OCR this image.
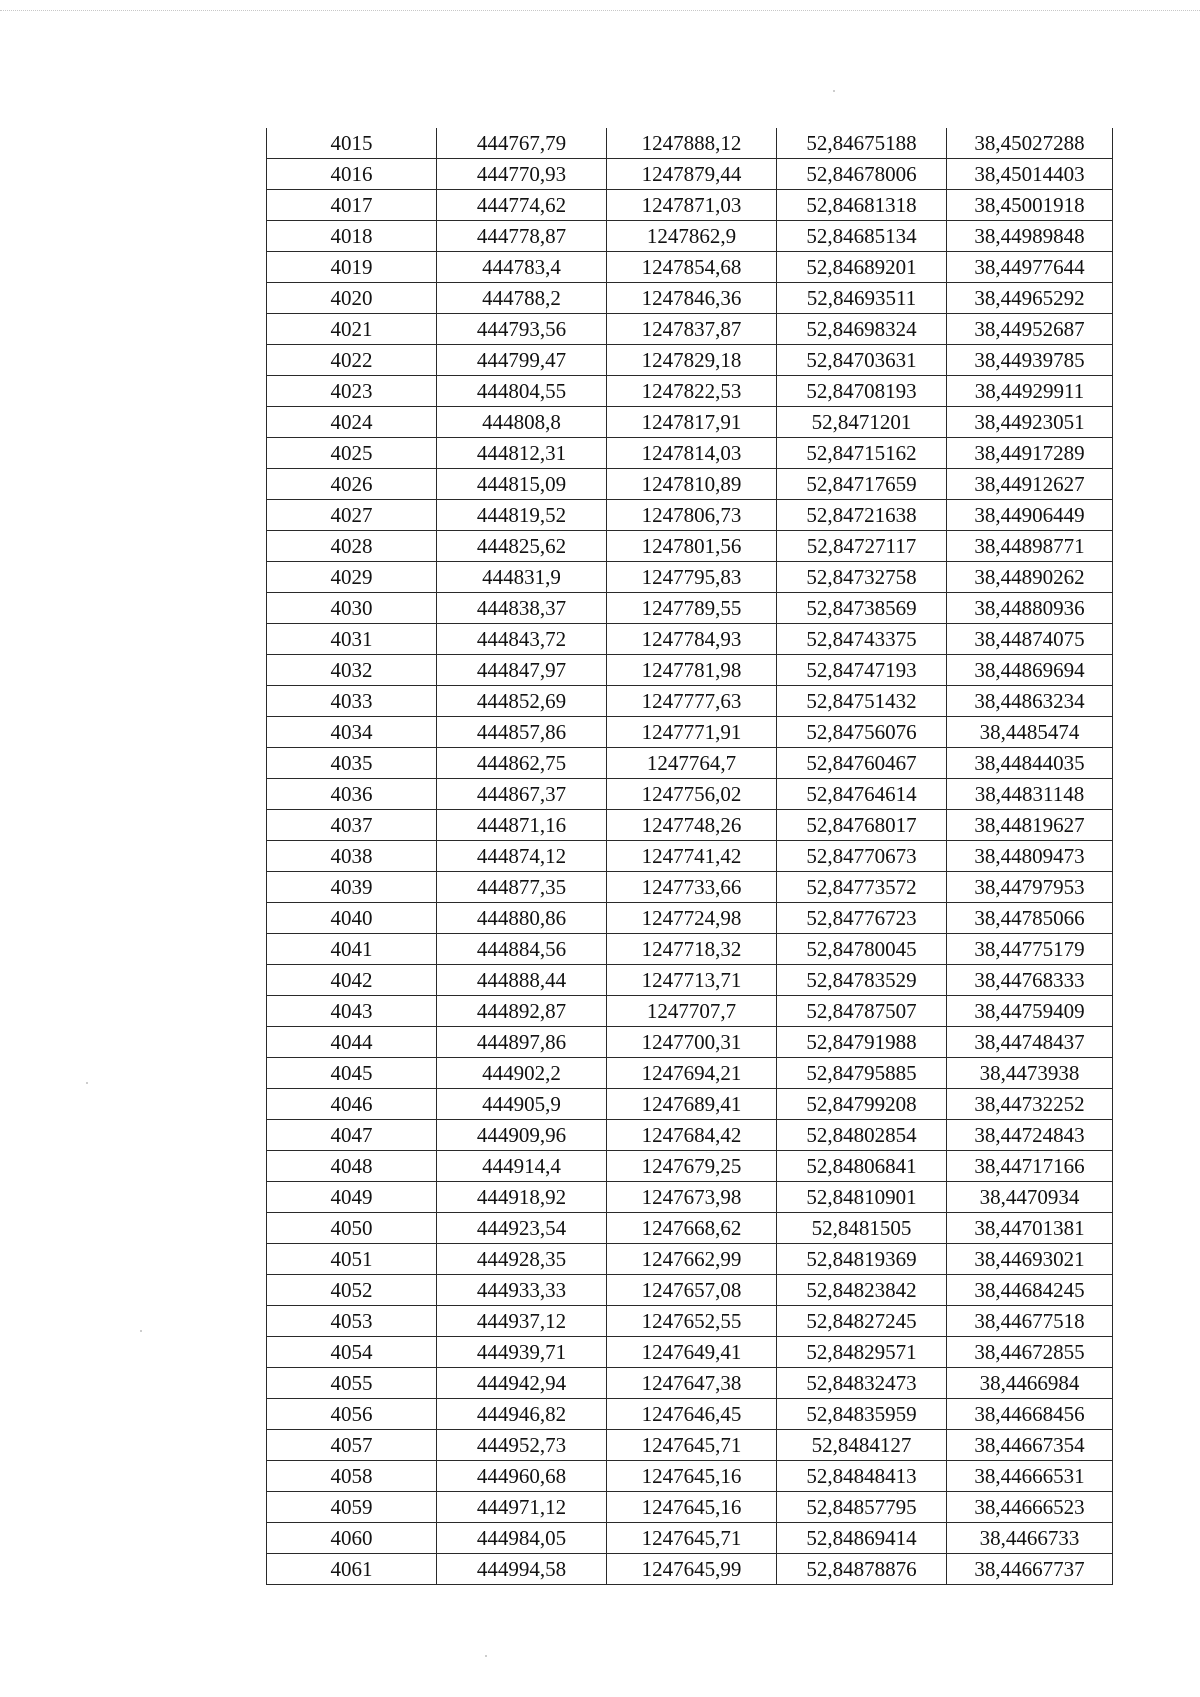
4015	444767,79	1247888,12	52,84675188	38,45027288
4016	444770,93	1247879,44	52,84678006	38,45014403
4017	444774,62	1247871,03	52,84681318	38,45001918
4018	444778,87	1247862,9	52,84685134	38,44989848
4019	444783,4	1247854,68	52,84689201	38,44977644
4020	444788,2	1247846,36	52,84693511	38,44965292
4021	444793,56	1247837,87	52,84698324	38,44952687
4022	444799,47	1247829,18	52,84703631	38,44939785
4023	444804,55	1247822,53	52,84708193	38,44929911
4024	444808,8	1247817,91	52,8471201	38,44923051
4025	444812,31	1247814,03	52,84715162	38,44917289
4026	444815,09	1247810,89	52,84717659	38,44912627
4027	444819,52	1247806,73	52,84721638	38,44906449
4028	444825,62	1247801,56	52,84727117	38,44898771
4029	444831,9	1247795,83	52,84732758	38,44890262
4030	444838,37	1247789,55	52,84738569	38,44880936
4031	444843,72	1247784,93	52,84743375	38,44874075
4032	444847,97	1247781,98	52,84747193	38,44869694
4033	444852,69	1247777,63	52,84751432	38,44863234
4034	444857,86	1247771,91	52,84756076	38,4485474
4035	444862,75	1247764,7	52,84760467	38,44844035
4036	444867,37	1247756,02	52,84764614	38,44831148
4037	444871,16	1247748,26	52,84768017	38,44819627
4038	444874,12	1247741,42	52,84770673	38,44809473
4039	444877,35	1247733,66	52,84773572	38,44797953
4040	444880,86	1247724,98	52,84776723	38,44785066
4041	444884,56	1247718,32	52,84780045	38,44775179
4042	444888,44	1247713,71	52,84783529	38,44768333
4043	444892,87	1247707,7	52,84787507	38,44759409
4044	444897,86	1247700,31	52,84791988	38,44748437
4045	444902,2	1247694,21	52,84795885	38,4473938
4046	444905,9	1247689,41	52,84799208	38,44732252
4047	444909,96	1247684,42	52,84802854	38,44724843
4048	444914,4	1247679,25	52,84806841	38,44717166
4049	444918,92	1247673,98	52,84810901	38,4470934
4050	444923,54	1247668,62	52,8481505	38,44701381
4051	444928,35	1247662,99	52,84819369	38,44693021
4052	444933,33	1247657,08	52,84823842	38,44684245
4053	444937,12	1247652,55	52,84827245	38,44677518
4054	444939,71	1247649,41	52,84829571	38,44672855
4055	444942,94	1247647,38	52,84832473	38,4466984
4056	444946,82	1247646,45	52,84835959	38,44668456
4057	444952,73	1247645,71	52,8484127	38,44667354
4058	444960,68	1247645,16	52,84848413	38,44666531
4059	444971,12	1247645,16	52,84857795	38,44666523
4060	444984,05	1247645,71	52,84869414	38,4466733
4061	444994,58	1247645,99	52,84878876	38,44667737
